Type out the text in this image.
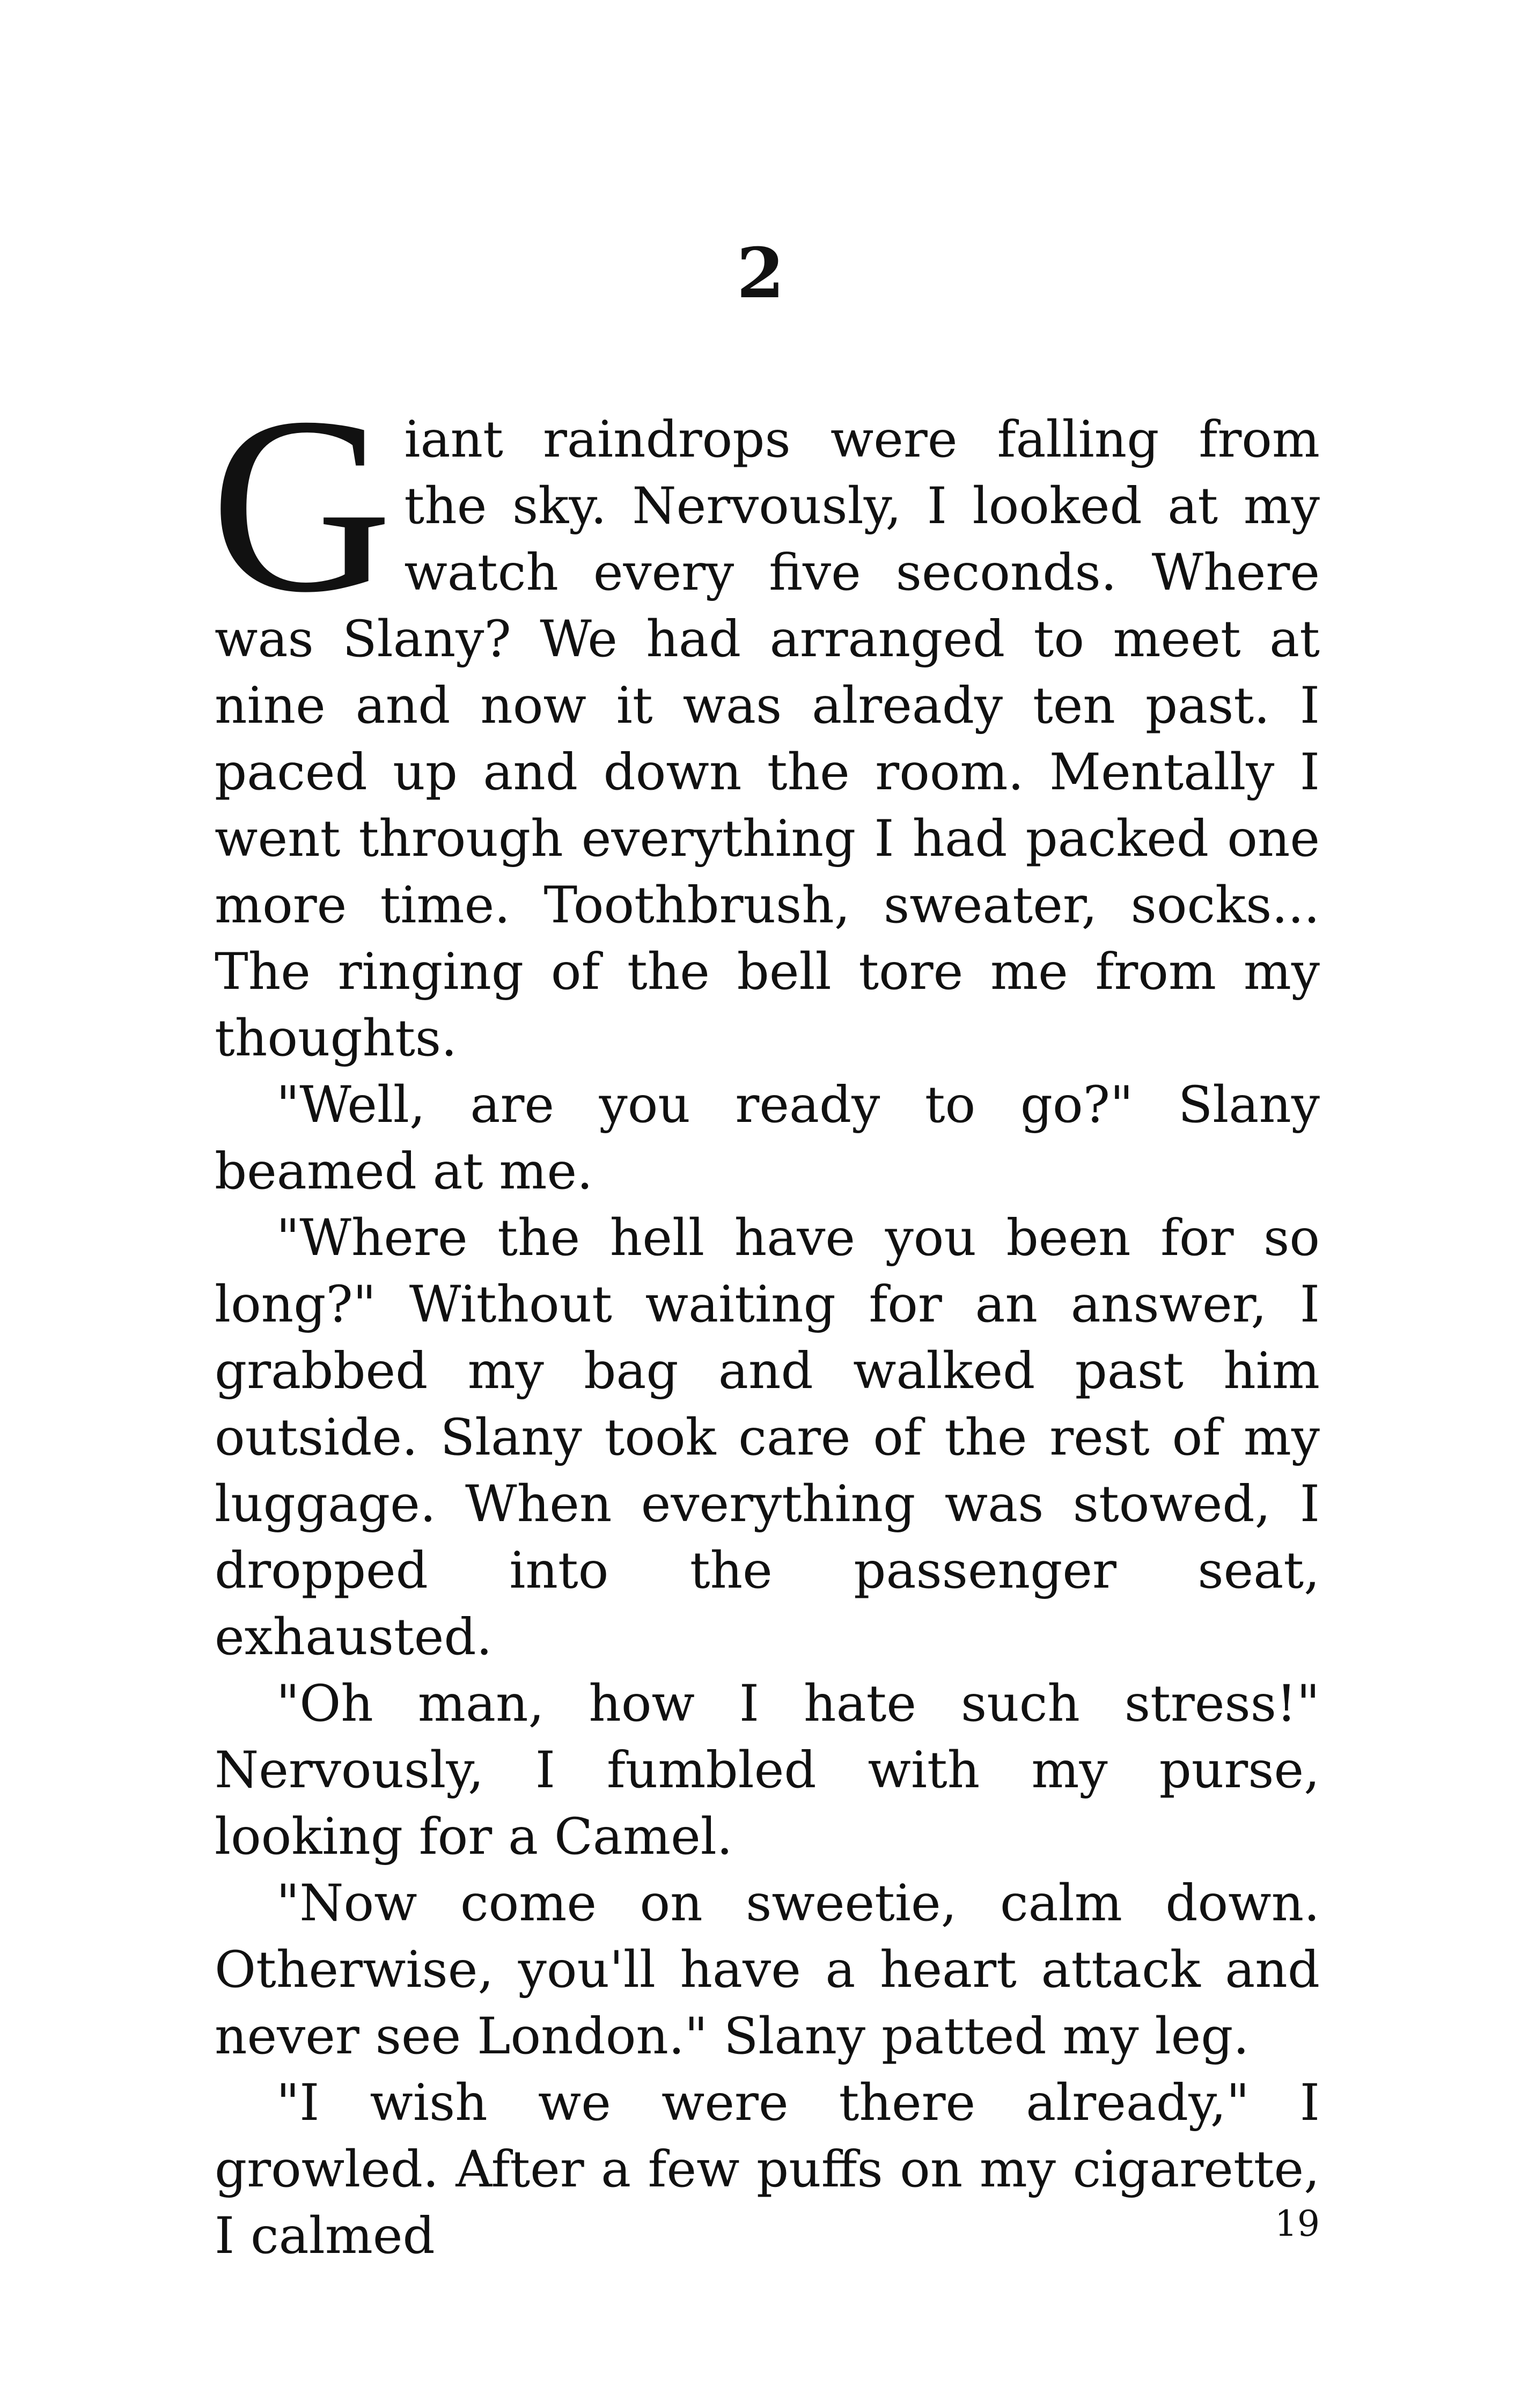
2

Giant raindrops were falling from the sky. Nervously, I looked at my watch every five seconds. Where was Slany? We had arranged to meet at nine and now it was already ten past. I paced up and down the room. Mentally I went through everything I had packed one more time. Toothbrush, sweater, socks... The ringing of the bell tore me from my thoughts.

"Well, are you ready to go?" Slany beamed at me.

"Where the hell have you been for so long?" Without waiting for an answer, I grabbed my bag and walked past him outside. Slany took care of the rest of my luggage. When everything was stowed, I dropped into the passenger seat, exhausted.

"Oh man, how I hate such stress!" Nervously, I fumbled with my purse, looking for a Camel.

"Now come on sweetie, calm down. Otherwise, you'll have a heart attack and never see London." Slany patted my leg.

"I wish we were there already," I growled. After a few puffs on my cigarette, I calmed	19
